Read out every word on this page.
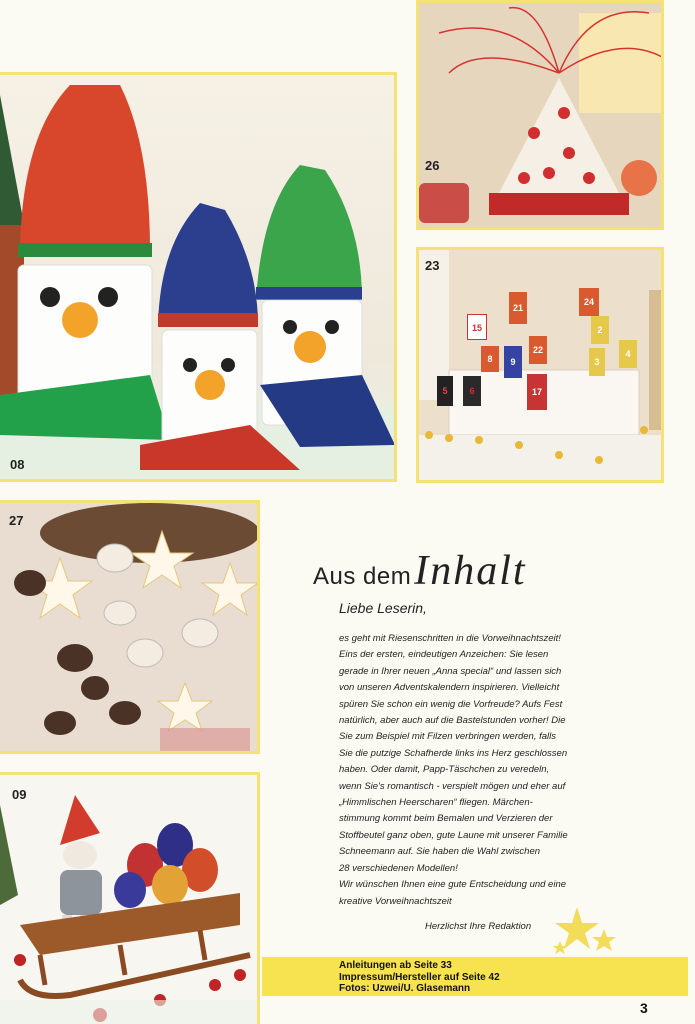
08
26
15
21
8	9
22
2
4
3
24
17
5	6
23
27
09
Aus demInhalt
Liebe Leserin,

es geht mit Riesenschritten in die Vorweihnachtszeit!

Eins der ersten, eindeutigen Anzeichen: Sie lesen

gerade in Ihrer neuen „Anna special“ und lassen sich

von unseren Adventskalendern inspirieren. Vielleicht

spüren Sie schon ein wenig die Vorfreude? Aufs Fest

natürlich, aber auch auf die Bastelstunden vorher! Die

Sie zum Beispiel mit Filzen verbringen werden, falls

Sie die putzige Schafherde links ins Herz geschlossen

haben. Oder damit, Papp-Täschchen zu veredeln,

wenn Sie's romantisch - verspielt mögen und eher auf

„Himmlischen Heerscharen“ fliegen. Märchen-

stimmung kommt beim Bemalen und Verzieren der

Stoffbeutel ganz oben, gute Laune mit unserer Familie

Schneemann auf. Sie haben die Wahl zwischen

28 verschiedenen Modellen!

Wir wünschen Ihnen eine gute Entscheidung und eine

kreative Vorweihnachtszeit

Herzlichst Ihre Redaktion
Anleitungen ab Seite 33
Impressum/Hersteller auf Seite 42
Fotos: Uzwei/U. Glasemann
3
